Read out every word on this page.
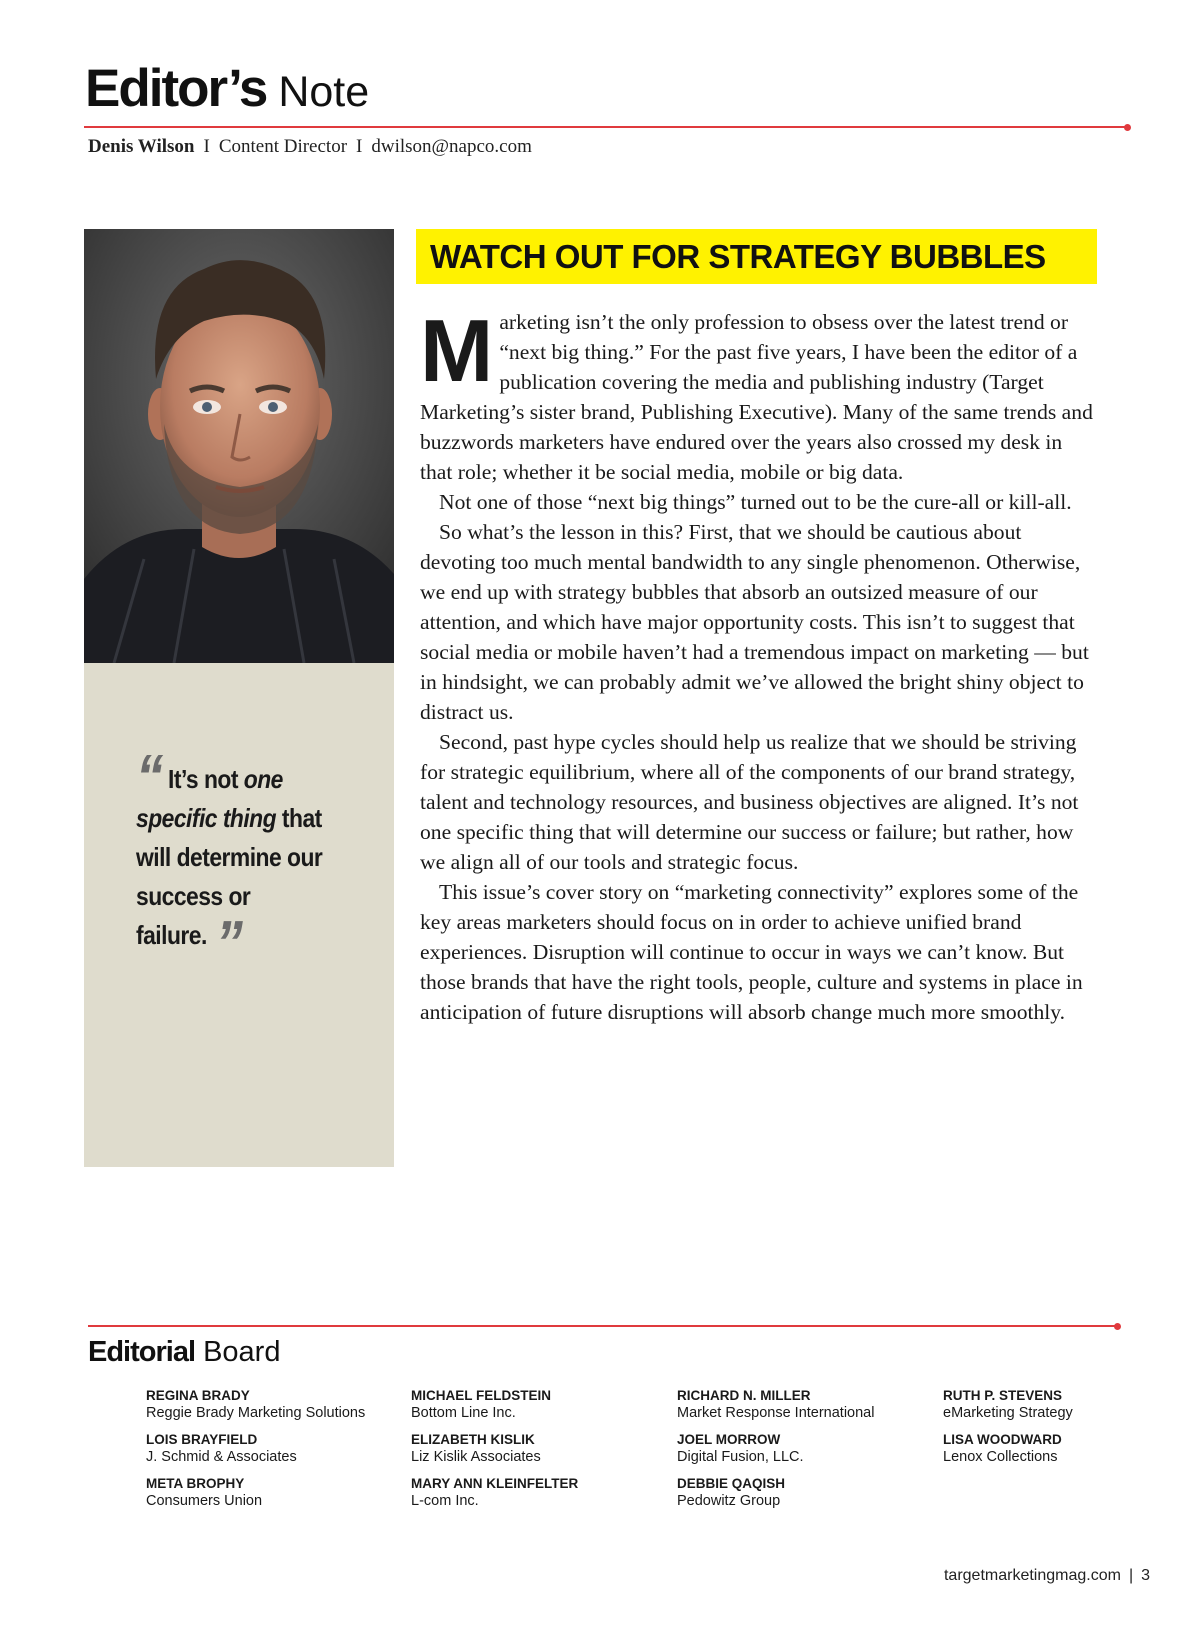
Editor’s Note
Denis Wilson I Content Director I dwilson@napco.com
“ It’s not one specific thing that will determine our success or failure. ”
WATCH OUT FOR STRATEGY BUBBLES

Marketing isn’t the only profession to obsess over the latest trend or “next big thing.” For the past five years, I have been the editor of a publication covering the media and publishing industry (Target Marketing’s sister brand, Publishing Executive). Many of the same trends and buzzwords marketers have endured over the years also crossed my desk in that role; whether it be social media, mobile or big data.

Not one of those “next big things” turned out to be the cure-all or kill-all.

So what’s the lesson in this? First, that we should be cautious about devoting too much mental bandwidth to any single phenomenon. Otherwise, we end up with strategy bubbles that absorb an outsized measure of our attention, and which have major opportunity costs. This isn’t to suggest that social media or mobile haven’t had a tremendous impact on marketing — but in hindsight, we can probably admit we’ve allowed the bright shiny object to distract us.

Second, past hype cycles should help us realize that we should be striving for strategic equilibrium, where all of the components of our brand strategy, talent and technology resources, and business objectives are aligned. It’s not one specific thing that will determine our success or failure; but rather, how we align all of our tools and strategic focus.

This issue’s cover story on “marketing connectivity” explores some of the key areas marketers should focus on in order to achieve unified brand experiences. Disruption will continue to occur in ways we can’t know. But those brands that have the right tools, people, culture and systems in place in anticipation of future disruptions will absorb change much more smoothly.

Editorial Board
REGINA BRADY
Reggie Brady Marketing Solutions
LOIS BRAYFIELD
J. Schmid & Associates
META BROPHY
Consumers Union
MICHAEL FELDSTEIN
Bottom Line Inc.
ELIZABETH KISLIK
Liz Kislik Associates
MARY ANN KLEINFELTER
L-com Inc.
RICHARD N. MILLER
Market Response International
JOEL MORROW
Digital Fusion, LLC.
DEBBIE QAQISH
Pedowitz Group
RUTH P. STEVENS
eMarketing Strategy
LISA WOODWARD
Lenox Collections
targetmarketingmag.com | 3
